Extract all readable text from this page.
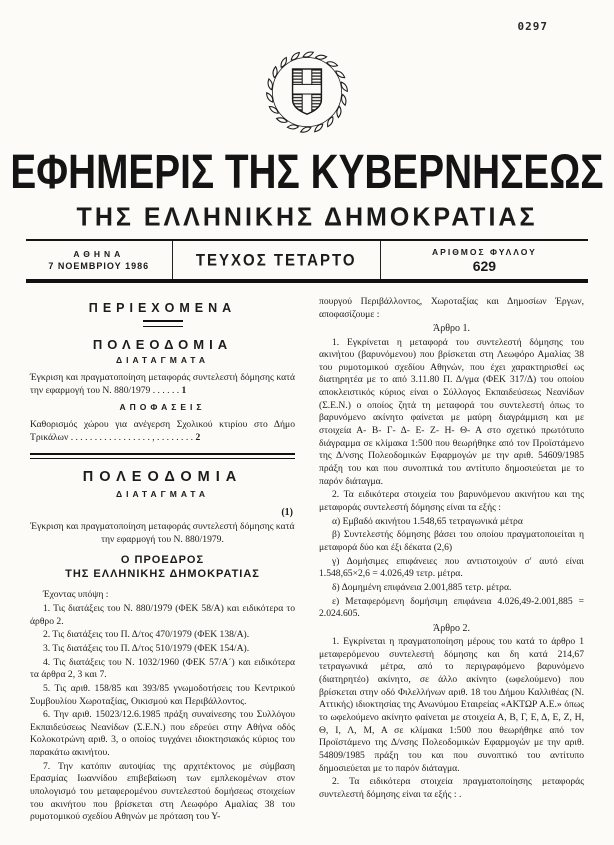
0297
ΕΦΗΜΕΡΙΣ ΤΗΣ ΚΥΒΕΡΝΗΣΕΩΣ
ΤΗΣ ΕΛΛΗΝΙΚΗΣ ΔΗΜΟΚΡΑΤΙΑΣ
ΑΘΗΝΑ
7 ΝΟΕΜΒΡΙΟΥ 1986	ΤΕΥΧΟΣ ΤΕΤΑΡΤΟ	ΑΡΙΘΜΟΣ ΦΥΛΛΟΥ
629
ΠΕΡΙΕΧΟΜΕΝΑ
ΠΟΛΕΟΔΟΜΙΑ
ΔΙΑΤΑΓΜΑΤΑ

Έγκριση και πραγματοποίηση μεταφοράς συντελεστή δόμησης κατά την εφαρμογή του Ν. 880/1979 . . . . . . 1

ΑΠΟΦΑΣΕΙΣ

Καθορισμός χώρου για ανέγερση Σχολικού κτιρίου στο Δήμο Τρικάλων . . . . . . . . . . . . . . . . . , . . . . . . . . 2

ΠΟΛΕΟΔΟΜΙΑ
ΔΙΑΤΑΓΜΑΤΑ
(1)

Έγκριση και πραγματοποίηση μεταφοράς συντελεστή δόμησης κατά την εφαρμογή του Ν. 880/1979.

Ο ΠΡΟΕΔΡΟΣ
ΤΗΣ ΕΛΛΗΝΙΚΗΣ ΔΗΜΟΚΡΑΤΙΑΣ

Έχοντας υπόψη :

1. Τις διατάξεις του Ν. 880/1979 (ΦΕΚ 58/Α) και ειδικότερα το άρθρο 2.

2. Τις διατάξεις του Π. Δ/τος 470/1979 (ΦΕΚ 138/Α).

3. Τις διατάξεις του Π. Δ/τος 510/1979 (ΦΕΚ 154/Α).

4. Τις διατάξεις του Ν. 1032/1960 (ΦΕΚ 57/Α΄) και ειδικότερα τα άρθρα 2, 3 και 7.

5. Τις αριθ. 158/85 και 393/85 γνωμοδοτήσεις του Κεντρικού Συμβουλίου Χωροταξίας, Οικισμού και Περιβάλλοντος.

6. Την αριθ. 15023/12.6.1985 πράξη συναίνεσης του Συλλόγου Εκπαιδεύσεως Νεανίδων (Σ.Ε.Ν.) που εδρεύει στην Αθήνα οδός Κολοκοτρώνη αριθ. 3, ο οποίος τυγχάνει ιδιοκτησιακός κύριος του παρακάτω ακινήτου.

7. Την κατόπιν αυτοψίας της αρχιτέκτονος με σύμβαση Ερασμίας Ιωαννίδου επιβεβαίωση των εμπλεκομένων στον υπολογισμό του μεταφερομένου συντελεστού δομήσεως στοιχείων του ακινήτου που βρίσκεται στη Λεωφόρο Αμαλίας 38 του ρυμοτομικού σχεδίου Αθηνών με πρόταση του Υ-

πουργού Περιβάλλοντος, Χωροταξίας και Δημοσίων Έργων, αποφασίζουμε :

Άρθρο 1.

1. Εγκρίνεται η μεταφορά του συντελεστή δόμησης του ακινήτου (βαρυνόμενου) που βρίσκεται στη Λεωφόρο Αμαλίας 38 του ρυμοτομικού σχεδίου Αθηνών, που έχει χαρακτηρισθεί ως διατηρητέα με το από 3.11.80 Π. Δ/γμα (ΦΕΚ 317/Δ) του οποίου αποκλειστικός κύριος είναι ο Σύλλογος Εκπαιδεύσεως Νεανίδων (Σ.Ε.Ν.) ο οποίος ζητά τη μεταφορά του συντελεστή όπως το βαρυνόμενο ακίνητο φαίνεται με μαύρη διαγράμμιση και με στοιχεία Α- Β- Γ- Δ- Ε- Ζ- Η- Θ- Α στο σχετικό πρωτότυπο διάγραμμα σε κλίμακα 1:500 που θεωρήθηκε από τον Προϊστάμενο της Δ/νσης Πολεοδομικών Εφαρμογών με την αριθ. 54609/1985 πράξη του και που συνοπτικά του αντίτυπο δημοσιεύεται με το παρόν διάταγμα.

2. Τα ειδικότερα στοιχεία του βαρυνόμενου ακινήτου και της μεταφοράς συντελεστή δόμησης είναι τα εξής :

α) Εμβαδό ακινήτου 1.548,65 τετραγωνικά μέτρα

β) Συντελεστής δόμησης βάσει του οποίου πραγματοποιείται η μεταφορά δύο και έξι δέκατα (2,6)

γ) Δομήσιμες επιφάνειες που αντιστοιχούν σ' αυτό είναι 1.548,65×2,6 = 4.026,49 τετρ. μέτρα.

δ) Δομημένη επιφάνεια 2.001,885 τετρ. μέτρα.

ε) Μεταφερόμενη δομήσιμη επιφάνεια 4.026,49-2.001,885 = 2.024.605.

Άρθρο 2.

1. Εγκρίνεται η πραγματοποίηση μέρους του κατά το άρθρο 1 μεταφερόμενου συντελεστή δόμησης και δη κατά 214,67 τετραγωνικά μέτρα, από το περιγραφόμενο βαρυνόμενο (διατηρητέο) ακίνητο, σε άλλο ακίνητο (ωφελούμενο) που βρίσκεται στην οδό Φιλελλήνων αριθ. 18 του Δήμου Καλλιθέας (Ν. Αττικής) ιδιοκτησίας της Ανωνύμου Εταιρείας «ΑΚΤΩΡ Α.Ε.» όπως το ωφελούμενο ακίνητο φαίνεται με στοιχεία Α, Β, Γ, Ε, Δ, Ε, Ζ, Η, Θ, Ι, Λ, Μ, Α σε κλίμακα 1:500 που θεωρήθηκε από τον Προϊστάμενο της Δ/νσης Πολεοδομικών Εφαρμογών με την αριθ. 54809/1985 πράξη του και που συνοπτικό του αντίτυπο δημοσιεύεται με το παρόν διάταγμα.

2. Τα ειδικότερα στοιχεία πραγματοποίησης μεταφοράς συντελεστή δόμησης είναι τα εξής : .
